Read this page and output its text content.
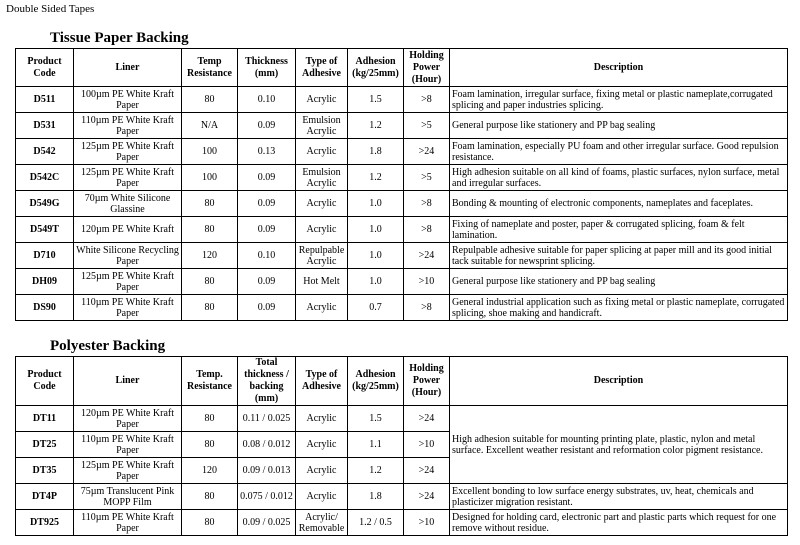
Double Sided Tapes
Tissue Paper Backing
Product Code	Liner	Temp Resistance	Thickness (mm)	Type of Adhesive	Adhesion (kg/25mm)	Holding Power (Hour)	Description
D511	100µm PE White Kraft Paper	80	0.10	Acrylic	1.5	>8	Foam lamination, irregular surface, fixing metal or plastic nameplate,corrugated splicing and paper industries splicing.
D531	110µm PE White Kraft Paper	N/A	0.09	Emulsion Acrylic	1.2	>5	General purpose like stationery and PP bag sealing
D542	125µm PE White Kraft Paper	100	0.13	Acrylic	1.8	>24	Foam lamination, especially PU foam and other irregular surface. Good repulsion resistance.
D542C	125µm PE White Kraft Paper	100	0.09	Emulsion Acrylic	1.2	>5	High adhesion suitable on all kind of foams, plastic surfaces, nylon surface, metal and irregular surfaces.
D549G	70µm White Silicone Glassine	80	0.09	Acrylic	1.0	>8	Bonding & mounting of electronic components, nameplates and faceplates.
D549T	120µm PE White Kraft	80	0.09	Acrylic	1.0	>8	Fixing of nameplate and poster, paper & corrugated splicing, foam & felt lamination.
D710	White Silicone Recycling Paper	120	0.10	Repulpable Acrylic	1.0	>24	Repulpable adhesive suitable for paper splicing at paper mill and its good initial tack suitable for newsprint splicing.
DH09	125µm PE White Kraft Paper	80	0.09	Hot Melt	1.0	>10	General purpose like stationery and PP bag sealing
DS90	110µm PE White Kraft Paper	80	0.09	Acrylic	0.7	>8	General industrial application such as fixing metal or plastic nameplate, corrugated splicing, shoe making and handicraft.
Polyester Backing
Product Code	Liner	Temp. Resistance	Total thickness / backing (mm)	Type of Adhesive	Adhesion (kg/25mm)	Holding Power (Hour)	Description
DT11	120µm PE White Kraft Paper	80	0.11 / 0.025	Acrylic	1.5	>24	High adhesion suitable for mounting printing plate, plastic, nylon and metal surface. Excellent weather resistant and reformation color pigment resistance.
DT25	110µm PE White Kraft Paper	80	0.08 / 0.012	Acrylic	1.1	>10	
DT35	125µm PE White Kraft Paper	120	0.09 / 0.013	Acrylic	1.2	>24	
DT4P	75µm Translucent Pink MOPP Film	80	0.075 / 0.012	Acrylic	1.8	>24	Excellent bonding to low surface energy substrates, uv, heat, chemicals and plasticizer migration resistant.
DT925	110µm PE White Kraft Paper	80	0.09 / 0.025	Acrylic/ Removable	1.2 / 0.5	>10	Designed for holding card, electronic part and plastic parts which request for one remove without residue.
